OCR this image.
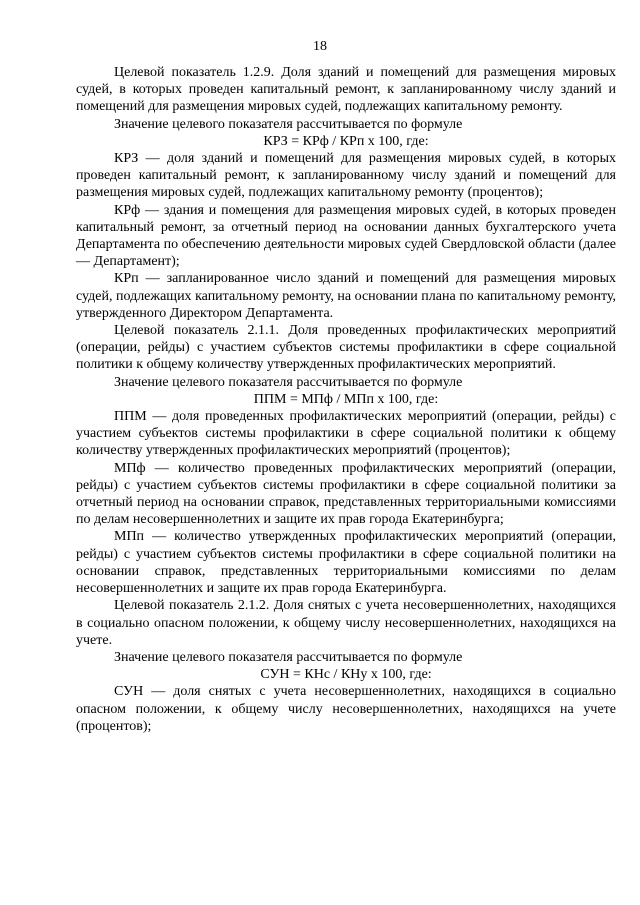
18

Целевой показатель 1.2.9. Доля зданий и помещений для размещения мировых судей, в которых проведен капитальный ремонт, к запланированному числу зданий и помещений для размещения мировых судей, подлежащих капитальному ремонту.

Значение целевого показателя рассчитывается по формуле

КРЗ = КРф / КРп x 100, где:

КРЗ — доля зданий и помещений для размещения мировых судей, в которых проведен капитальный ремонт, к запланированному числу зданий и помещений для размещения мировых судей, подлежащих капитальному ремонту (процентов);

КРф — здания и помещения для размещения мировых судей, в которых проведен капитальный ремонт, за отчетный период на основании данных бухгалтерского учета Департамента по обеспечению деятельности мировых судей Свердловской области (далее — Департамент);

КРп — запланированное число зданий и помещений для размещения мировых судей, подлежащих капитальному ремонту, на основании плана по капитальному ремонту, утвержденного Директором Департамента.

Целевой показатель 2.1.1. Доля проведенных профилактических мероприятий (операции, рейды) с участием субъектов системы профилактики в сфере социальной политики к общему количеству утвержденных профилактических мероприятий.

Значение целевого показателя рассчитывается по формуле

ППМ = МПф / МПп x 100, где:

ППМ — доля проведенных профилактических мероприятий (операции, рейды) с участием субъектов системы профилактики в сфере социальной политики к общему количеству утвержденных профилактических мероприятий (процентов);

МПф — количество проведенных профилактических мероприятий (операции, рейды) с участием субъектов системы профилактики в сфере социальной политики за отчетный период на основании справок, представленных территориальными комиссиями по делам несовершеннолетних и защите их прав города Екатеринбурга;

МПп — количество утвержденных профилактических мероприятий (операции, рейды) с участием субъектов системы профилактики в сфере социальной политики на основании справок, представленных территориальными комиссиями по делам несовершеннолетних и защите их прав города Екатеринбурга.

Целевой показатель 2.1.2. Доля снятых с учета несовершеннолетних, находящихся в социально опасном положении, к общему числу несовершеннолетних, находящихся на учете.

Значение целевого показателя рассчитывается по формуле

СУН = КНс / КНу x 100, где:

СУН — доля снятых с учета несовершеннолетних, находящихся в социально опасном положении, к общему числу несовершеннолетних, находящихся на учете (процентов);
